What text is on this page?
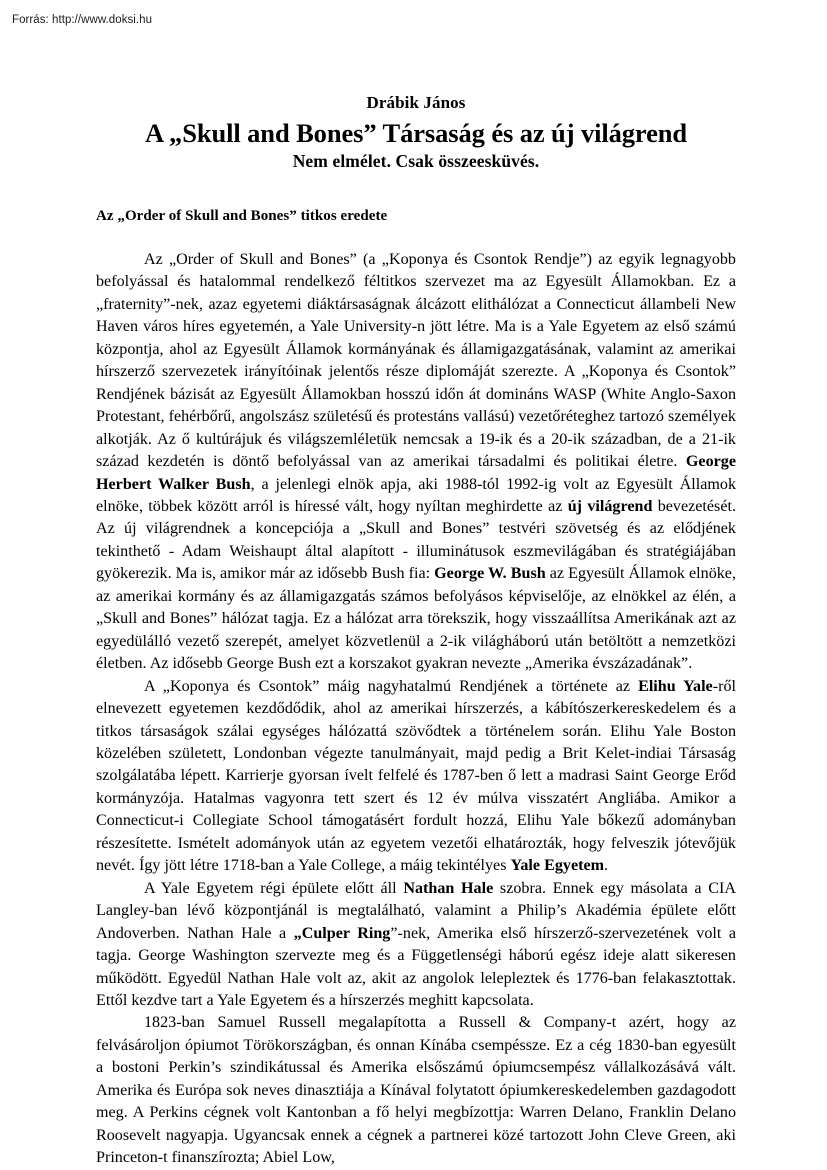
Forrás: http://www.doksi.hu
Drábik János
A „Skull and Bones” Társaság és az új világrend
Nem elmélet. Csak összeesküvés.
Az „Order of Skull and Bones” titkos eredete

Az „Order of Skull and Bones” (a „Koponya és Csontok Rendje”) az egyik legnagyobb befolyással és hatalommal rendelkező féltitkos szervezet ma az Egyesült Államokban. Ez a „fraternity”-nek, azaz egyetemi diáktársaságnak álcázott elithálózat a Connecticut állambeli New Haven város híres egyetemén, a Yale University-n jött létre. Ma is a Yale Egyetem az első számú központja, ahol az Egyesült Államok kormányának és államigazgatásának, valamint az amerikai hírszerző szervezetek irányítóinak jelentős része diplomáját szerezte. A „Koponya és Csontok” Rendjének bázisát az Egyesült Államokban hosszú időn át domináns WASP (White Anglo-Saxon Protestant, fehérbőrű, angolszász születésű és protestáns vallású) vezetőréteghez tartozó személyek alkotják. Az ő kultúrájuk és világszemléletük nemcsak a 19-ik és a 20-ik században, de a 21-ik század kezdetén is döntő befolyással van az amerikai társadalmi és politikai életre. George Herbert Walker Bush, a jelenlegi elnök apja, aki 1988-tól 1992-ig volt az Egyesült Államok elnöke, többek között arról is híressé vált, hogy nyíltan meghirdette az új világrend bevezetését. Az új világrendnek a koncepciója a „Skull and Bones” testvéri szövetség és az elődjének tekinthető - Adam Weishaupt által alapított - illuminátusok eszmevilágában és stratégiájában gyökerezik. Ma is, amikor már az idősebb Bush fia: George W. Bush az Egyesült Államok elnöke, az amerikai kormány és az államigazgatás számos befolyásos képviselője, az elnökkel az élén, a „Skull and Bones” hálózat tagja. Ez a hálózat arra törekszik, hogy visszaállítsa Amerikának azt az egyedülálló vezető szerepét, amelyet közvetlenül a 2-ik világháború után betöltött a nemzetközi életben. Az idősebb George Bush ezt a korszakot gyakran nevezte „Amerika évszázadának”.

A „Koponya és Csontok” máig nagyhatalmú Rendjének a története az Elihu Yale-ről elnevezett egyetemen kezdődődik, ahol az amerikai hírszerzés, a kábítószerkereskedelem és a titkos társaságok szálai egységes hálózattá szövődtek a történelem során. Elihu Yale Boston közelében született, Londonban végezte tanulmányait, majd pedig a Brit Kelet-indiai Társaság szolgálatába lépett. Karrierje gyorsan ívelt felfelé és 1787-ben ő lett a madrasi Saint George Erőd kormányzója. Hatalmas vagyonra tett szert és 12 év múlva visszatért Angliába. Amikor a Connecticut-i Collegiate School támogatásért fordult hozzá, Elihu Yale bőkezű adományban részesítette. Ismételt adományok után az egyetem vezetői elhatározták, hogy felveszik jótevőjük nevét. Így jött létre 1718-ban a Yale College, a máig tekintélyes Yale Egyetem.

A Yale Egyetem régi épülete előtt áll Nathan Hale szobra. Ennek egy másolata a CIA Langley-ban lévő központjánál is megtalálható, valamint a Philip’s Akadémia épülete előtt Andoverben. Nathan Hale a „Culper Ring”-nek, Amerika első hírszerző-szervezetének volt a tagja. George Washington szervezte meg és a Függetlenségi háború egész ideje alatt sikeresen működött. Egyedül Nathan Hale volt az, akit az angolok lelepleztek és 1776-ban felakasztottak. Ettől kezdve tart a Yale Egyetem és a hírszerzés meghitt kapcsolata.

1823-ban Samuel Russell megalapította a Russell & Company-t azért, hogy az felvásároljon ópiumot Törökországban, és onnan Kínába csempéssze. Ez a cég 1830-ban egyesült a bostoni Perkin’s szindikátussal és Amerika elsőszámú ópiumcsempész vállalkozásává vált. Amerika és Európa sok neves dinasztiája a Kínával folytatott ópiumkereskedelemben gazdagodott meg. A Perkins cégnek volt Kantonban a fő helyi megbízottja: Warren Delano, Franklin Delano Roosevelt nagyapja. Ugyancsak ennek a cégnek a partnerei közé tartozott John Cleve Green, aki Princeton-t finanszírozta; Abiel Low,
